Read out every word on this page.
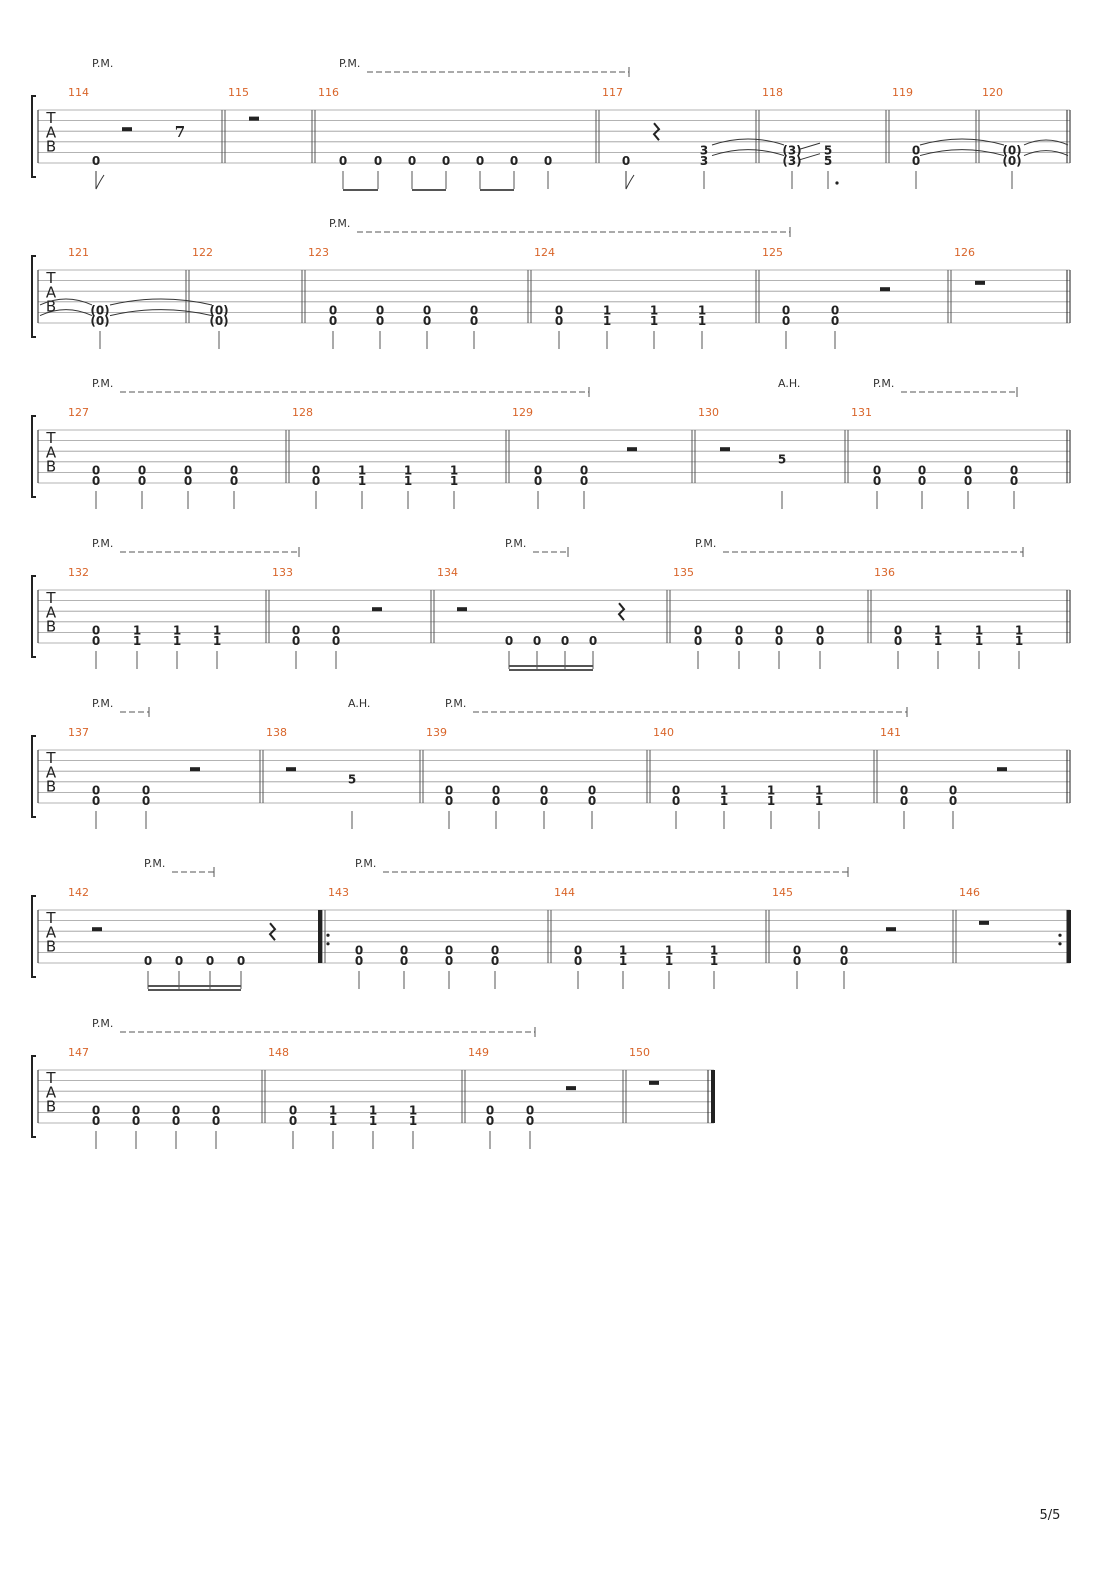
T
A
B
114	115	116	117	118	119	120
P.M.	P.M.
7
0	0 0 0 0 0 0 0	0
3
3
(3)
(3)
5
5
0
0
(0)
(0)
T
A
B
121	122	123	124	125	126
P.M.
(0)
(0)
(0)
(0)
0
0
0
0
0
0
0
0
0
0
1
1
1
1
1
1
0
0
0
0
T
A
B
127	128	129	130	131
P.M.	A.H.	P.M.
0
0
0
0
0
0
0
0
0
0
1
1
1
1
1
1
0
0
0
0
5
0
0
0
0
0
0
0
0
T
A
B
132	133	134	135	136
P.M.	P.M.	P.M.
0
0
1
1
1
1
1
1
0
0
0
0	0 0 0 0
0
0
0
0
0
0
0
0
0
0
1
1
1
1
1
1
T
A
B
137	138	139	140	141
P.M.	A.H.	P.M.
0
0
0
0
5
0
0
0
0
0
0
0
0
0
0
1
1
1
1
1
1
0
0
0
0
T
A
B
142	143	144	145	146
P.M.	P.M.
0 0 0 0
0
0
0
0
0
0
0
0
0
0
1
1
1
1
1
1
0
0
0
0
T
A
B
147	148	149	150
P.M.
0
0
0
0
0
0
0
0
0
0
1
1
1
1
1
1
0
0
0
0
5/5
